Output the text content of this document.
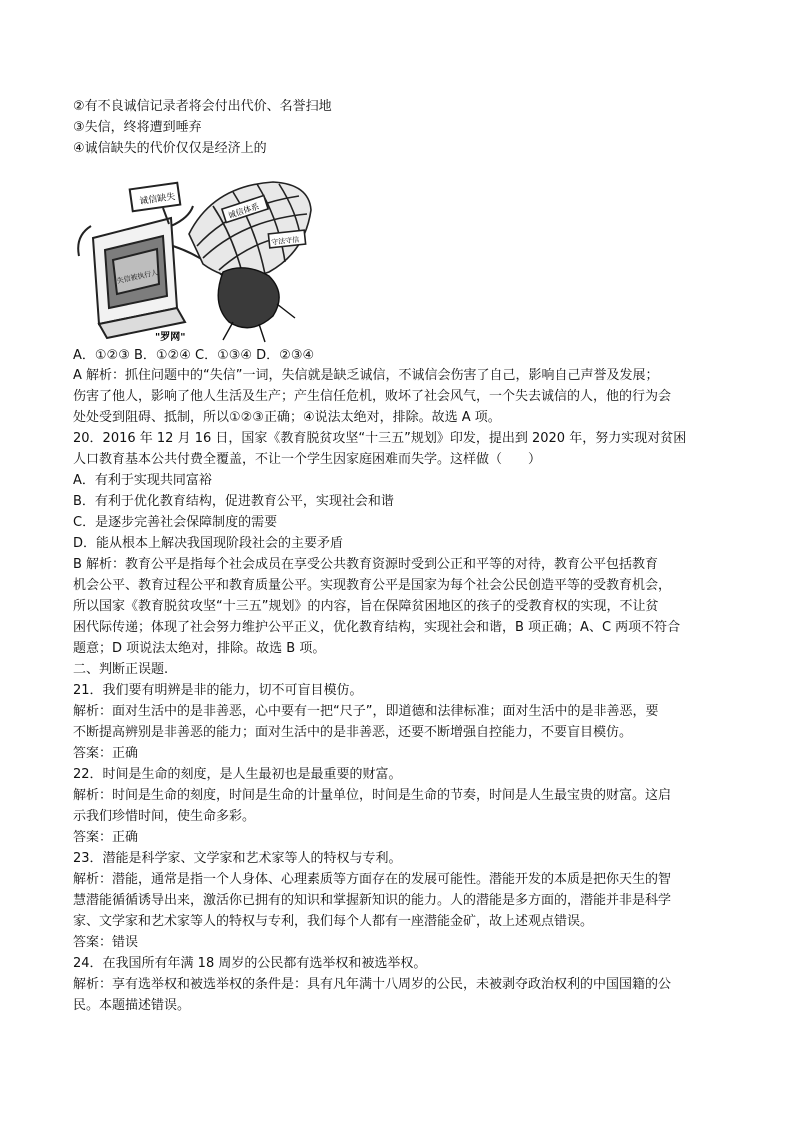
②有不良诚信记录者将会付出代价、名誉扫地
③失信，终将遭到唾弃
④诚信缺失的代价仅仅是经济上的
诚信缺失
失信被执行人
诚信体系
守法守信
"罗网"
A．①②③ B．①②④ C．①③④ D．②③④
A 解析：抓住问题中的“失信”一词，失信就是缺乏诚信，不诚信会伤害了自己，影响自己声誉及发展；
伤害了他人，影响了他人生活及生产；产生信任危机，败坏了社会风气，一个失去诚信的人，他的行为会
处处受到阻碍、抵制，所以①②③正确；④说法太绝对，排除。故选 A 项。
20．2016 年 12 月 16 日，国家《教育脱贫攻坚“十三五”规划》印发，提出到 2020 年，努力实现对贫困
人口教育基本公共付费全覆盖，不让一个学生因家庭困难而失学。这样做（　　）
A．有利于实现共同富裕
B．有利于优化教育结构，促进教育公平，实现社会和谐
C．是逐步完善社会保障制度的需要
D．能从根本上解决我国现阶段社会的主要矛盾
B 解析：教育公平是指每个社会成员在享受公共教育资源时受到公正和平等的对待，教育公平包括教育
机会公平、教育过程公平和教育质量公平。实现教育公平是国家为每个社会公民创造平等的受教育机会，
所以国家《教育脱贫攻坚“十三五”规划》的内容，旨在保障贫困地区的孩子的受教育权的实现，不让贫
困代际传递；体现了社会努力维护公平正义，优化教育结构，实现社会和谐，B 项正确；A、C 两项不符合
题意；D 项说法太绝对，排除。故选 B 项。
二、判断正误题.
21．我们要有明辨是非的能力，切不可盲目模仿。
解析：面对生活中的是非善恶，心中要有一把“尺子”，即道德和法律标准；面对生活中的是非善恶，要
不断提高辨别是非善恶的能力；面对生活中的是非善恶，还要不断增强自控能力，不要盲目模仿。
答案：正确
22．时间是生命的刻度，是人生最初也是最重要的财富。
解析：时间是生命的刻度，时间是生命的计量单位，时间是生命的节奏，时间是人生最宝贵的财富。这启
示我们珍惜时间，使生命多彩。
答案：正确
23．潜能是科学家、文学家和艺术家等人的特权与专利。
解析：潜能，通常是指一个人身体、心理素质等方面存在的发展可能性。潜能开发的本质是把你天生的智
慧潜能循循诱导出来，激活你已拥有的知识和掌握新知识的能力。人的潜能是多方面的，潜能并非是科学
家、文学家和艺术家等人的特权与专利，我们每个人都有一座潜能金矿，故上述观点错误。
答案：错误
24．在我国所有年满 18 周岁的公民都有选举权和被选举权。
解析：享有选举权和被选举权的条件是：具有凡年满十八周岁的公民，未被剥夺政治权利的中国国籍的公
民。本题描述错误。
